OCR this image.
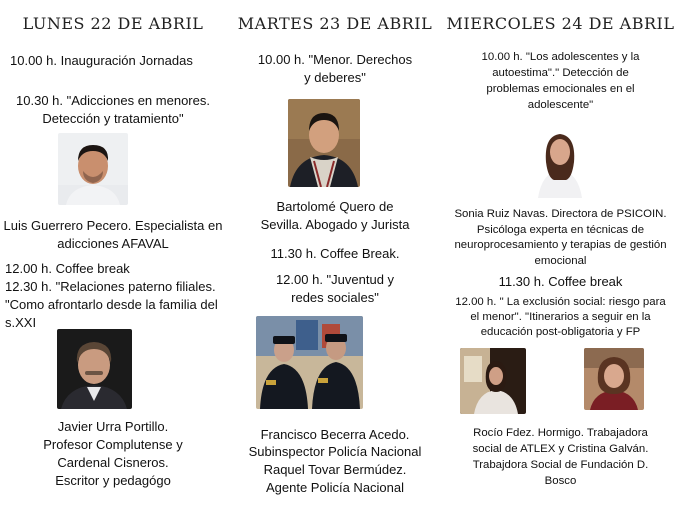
LUNES 22 DE ABRIL
10.00 h. Inauguración Jornadas
10.30 h. "Adicciones en menores.
Detección y tratamiento"
Luis Guerrero Pecero. Especialista en
adicciones AFAVAL
12.00 h. Coffee break
12.30 h. "Relaciones paterno filiales.
"Como afrontarlo desde la familia del
s.XXI
Javier Urra Portillo.
Profesor Complutense y
Cardenal Cisneros.
Escritor y pedagógo
MARTES 23 DE ABRIL
10.00 h. "Menor. Derechos
y deberes"
Bartolomé Quero de
Sevilla. Abogado y Jurista
11.30 h. Coffee Break.
12.00 h. "Juventud y
redes sociales"
Francisco Becerra Acedo.
Subinspector Policía Nacional
Raquel Tovar Bermúdez.
Agente Policía Nacional
MIERCOLES 24 DE ABRIL
10.00 h. "Los adolescentes y la
autoestima"." Detección de
problemas emocionales en el
adolescente"
Sonia Ruiz Navas. Directora de PSICOIN.
Psicóloga experta en técnicas de
neuroprocesamiento y terapias de gestión
emocional
11.30 h. Coffee break
12.00 h. " La exclusión social: riesgo para
el menor". "Itinerarios a seguir en la
educación post-obligatoria y FP
Rocío Fdez. Hormigo. Trabajadora
social de ATLEX y Cristina Galván.
Trabajdora Social de Fundación D.
Bosco
